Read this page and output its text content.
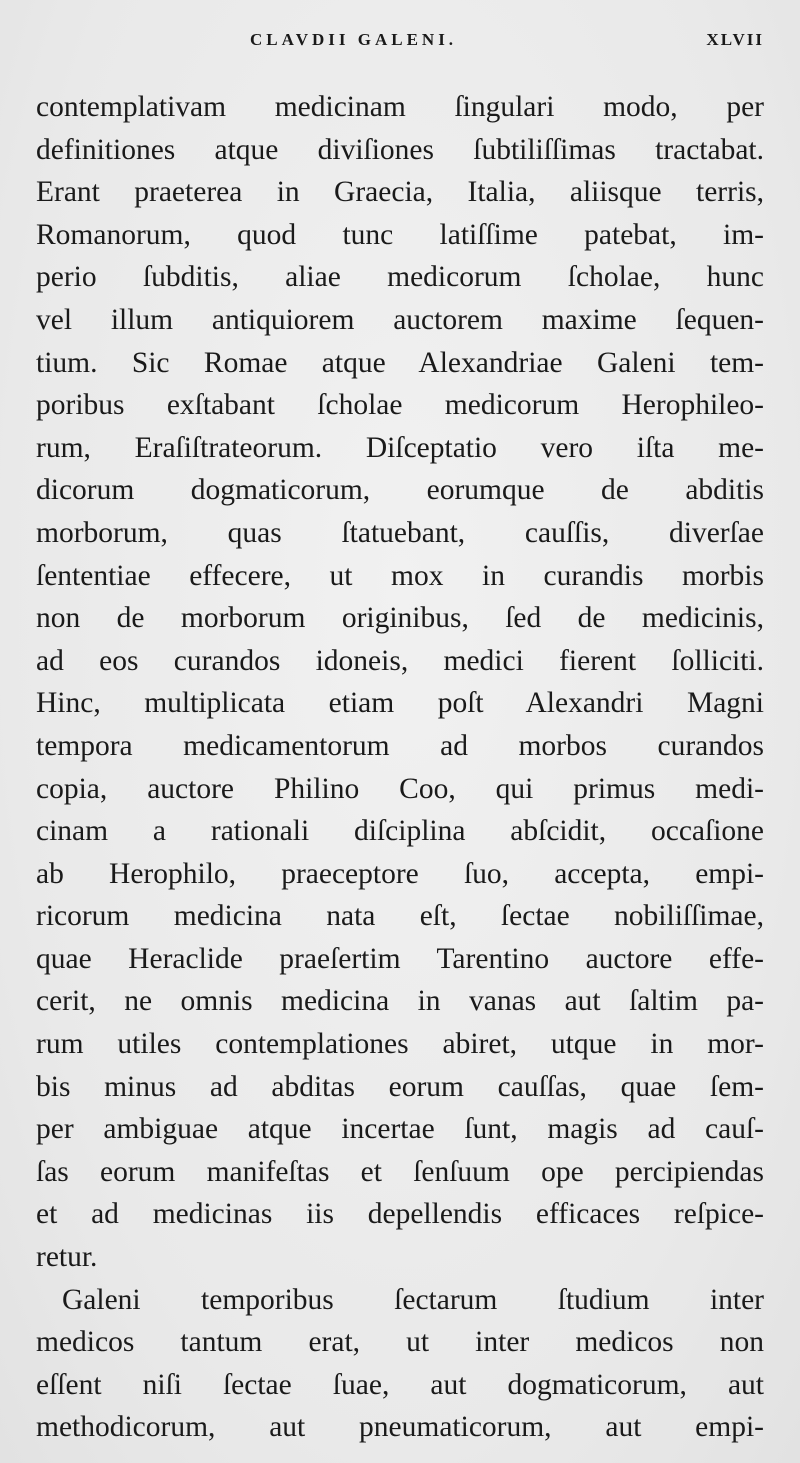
CLAVDII GALENI.	XLVII
contemplativam medicinam ſingulari modo, per
definitiones atque diviſiones ſubtiliſſimas tractabat.
Erant praeterea in Graecia, Italia, aliisque terris,
Romanorum, quod tunc latiſſime patebat, im-
perio ſubditis, aliae medicorum ſcholae, hunc
vel illum antiquiorem auctorem maxime ſequen-
tium. Sic Romae atque Alexandriae Galeni tem-
poribus exſtabant ſcholae medicorum Herophileo-
rum, Eraſiſtrateorum. Diſceptatio vero iſta me-
dicorum dogmaticorum, eorumque de abditis
morborum, quas ſtatuebant, cauſſis, diverſae
ſententiae effecere, ut mox in curandis morbis
non de morborum originibus, ſed de medicinis,
ad eos curandos idoneis, medici fierent ſolliciti.
Hinc, multiplicata etiam poſt Alexandri Magni
tempora medicamentorum ad morbos curandos
copia, auctore Philino Coo, qui primus medi-
cinam a rationali diſciplina abſcidit, occaſione
ab Herophilo, praeceptore ſuo, accepta, empi-
ricorum medicina nata eſt, ſectae nobiliſſimae,
quae Heraclide praeſertim Tarentino auctore effe-
cerit, ne omnis medicina in vanas aut ſaltim pa-
rum utiles contemplationes abiret, utque in mor-
bis minus ad abditas eorum cauſſas, quae ſem-
per ambiguae atque incertae ſunt, magis ad cauſ-
ſas eorum manifeſtas et ſenſuum ope percipiendas
et ad medicinas iis depellendis efficaces reſpice-
retur.
Galeni temporibus ſectarum ſtudium inter
medicos tantum erat, ut inter medicos non
eſſent niſi ſectae ſuae, aut dogmaticorum, aut
methodicorum, aut pneumaticorum, aut empi-
